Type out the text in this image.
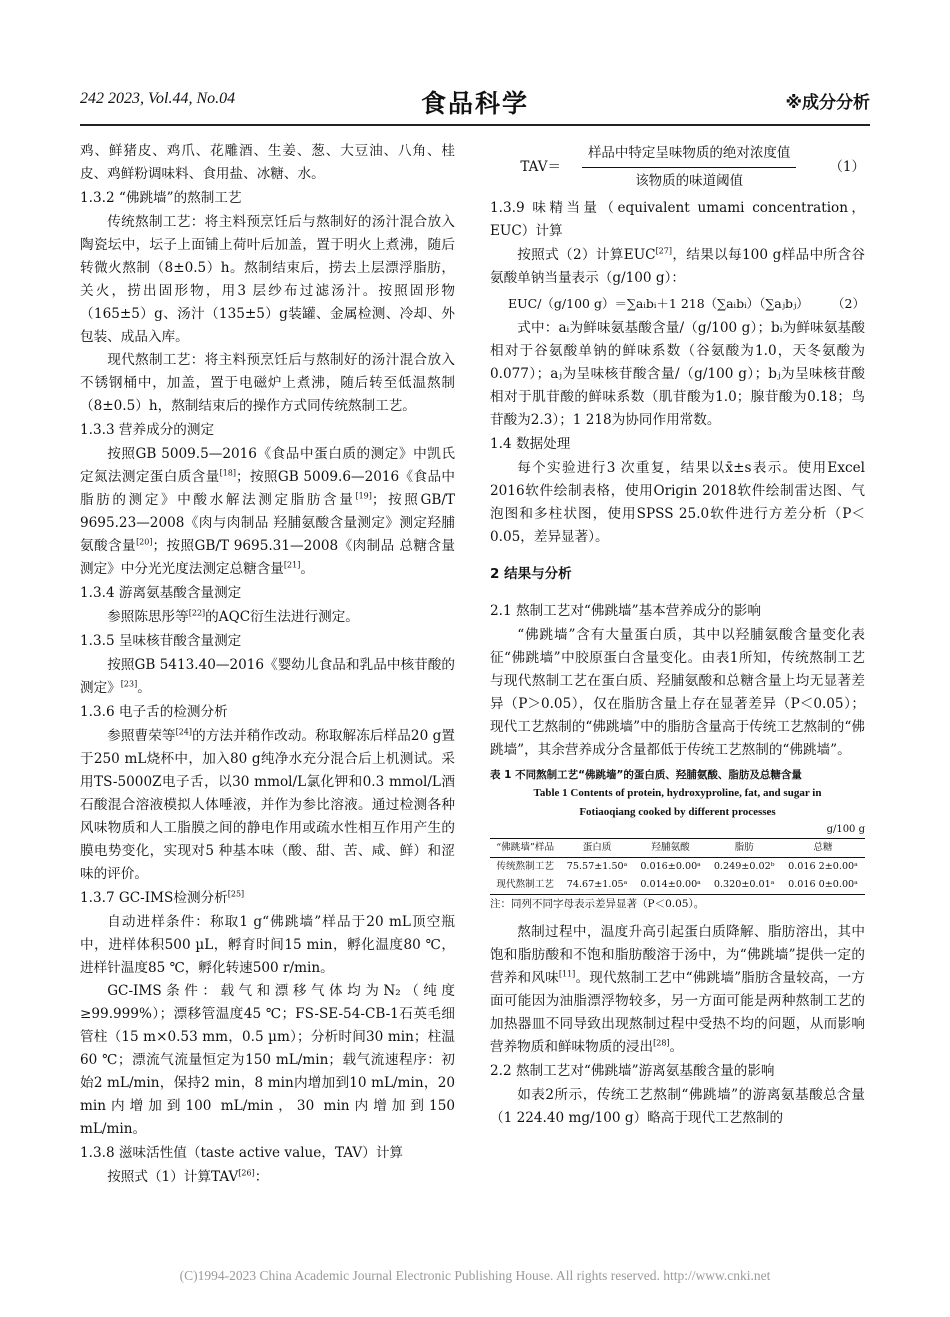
242 2023, Vol.44, No.04	食品科学	※成分分析

鸡、鲜猪皮、鸡爪、花雕酒、生姜、葱、大豆油、八角、桂皮、鸡鲜粉调味料、食用盐、冰糖、水。

1.3.2 “佛跳墙”的熬制工艺

传统熬制工艺：将主料预烹饪后与熬制好的汤汁混合放入陶瓷坛中，坛子上面铺上荷叶后加盖，置于明火上煮沸，随后转微火熬制（8±0.5）h。熬制结束后，捞去上层漂浮脂肪，关火，捞出固形物，用3 层纱布过滤汤汁。按照固形物（165±5）g、汤汁（135±5）g装罐、金属检测、冷却、外包装、成品入库。

现代熬制工艺：将主料预烹饪后与熬制好的汤汁混合放入不锈钢桶中，加盖，置于电磁炉上煮沸，随后转至低温熬制（8±0.5）h，熬制结束后的操作方式同传统熬制工艺。

1.3.3 营养成分的测定

按照GB 5009.5—2016《食品中蛋白质的测定》中凯氏定氮法测定蛋白质含量[18]；按照GB 5009.6—2016《食品中脂肪的测定》中酸水解法测定脂肪含量[19]；按照GB/T 9695.23—2008《肉与肉制品 羟脯氨酸含量测定》测定羟脯氨酸含量[20]；按照GB/T 9695.31—2008《肉制品 总糖含量测定》中分光光度法测定总糖含量[21]。

1.3.4 游离氨基酸含量测定

参照陈思彤等[22]的AQC衍生法进行测定。

1.3.5 呈味核苷酸含量测定

按照GB 5413.40—2016《婴幼儿食品和乳品中核苷酸的测定》[23]。

1.3.6 电子舌的检测分析

参照曹荣等[24]的方法并稍作改动。称取解冻后样品20 g置于250 mL烧杯中，加入80 g纯净水充分混合后上机测试。采用TS-5000Z电子舌，以30 mmol/L氯化钾和0.3 mmol/L酒石酸混合溶液模拟人体唾液，并作为参比溶液。通过检测各种风味物质和人工脂膜之间的静电作用或疏水性相互作用产生的膜电势变化，实现对5 种基本味（酸、甜、苦、咸、鲜）和涩味的评价。

1.3.7 GC-IMS检测分析[25]

自动进样条件：称取1 g“佛跳墙”样品于20 mL顶空瓶中，进样体积500 µL，孵育时间15 min，孵化温度80 ℃，进样针温度85 ℃，孵化转速500 r/min。

GC-IMS条件：载气和漂移气体均为N₂（纯度≥99.999%）；漂移管温度45 ℃；FS-SE-54-CB-1石英毛细管柱（15 m×0.53 mm，0.5 µm）；分析时间30 min；柱温60 ℃；漂流气流量恒定为150 mL/min；载气流速程序：初始2 mL/min，保持2 min，8 min内增加到10 mL/min，20 min内增加到100 mL/min，30 min内增加到150 mL/min。

1.3.8 滋味活性值（taste active value，TAV）计算

按照式（1）计算TAV[26]：

$TAV= \frac{\text{样品中特定呈味物质的绝对浓度值}}{\text{该物质的味道阈值}} (1)$

1.3.9 味精当量（equivalent umami concentration，EUC）计算

按照式（2）计算EUC[27]，结果以每100 g样品中所含谷氨酸单钠当量表示（g/100 g）：

EUC/（g/100 g）＝∑aᵢbᵢ＋1 218（∑aᵢbᵢ）（∑aⱼbⱼ） （2）

式中：aᵢ为鲜味氨基酸含量/（g/100 g）；bᵢ为鲜味氨基酸相对于谷氨酸单钠的鲜味系数（谷氨酸为1.0，天冬氨酸为0.077）；aⱼ为呈味核苷酸含量/（g/100 g）；bⱼ为呈味核苷酸相对于肌苷酸的鲜味系数（肌苷酸为1.0；腺苷酸为0.18；鸟苷酸为2.3）；1 218为协同作用常数。

1.4 数据处理

每个实验进行3 次重复，结果以x̄±s表示。使用Excel 2016软件绘制表格，使用Origin 2018软件绘制雷达图、气泡图和多柱状图，使用SPSS 25.0软件进行方差分析（P＜0.05，差异显著）。

2 结果与分析

2.1 熬制工艺对“佛跳墙”基本营养成分的影响

“佛跳墙”含有大量蛋白质，其中以羟脯氨酸含量变化表征“佛跳墙”中胶原蛋白含量变化。由表1所知，传统熬制工艺与现代熬制工艺在蛋白质、羟脯氨酸和总糖含量上均无显著差异（P＞0.05），仅在脂肪含量上存在显著差异（P＜0.05）；现代工艺熬制的“佛跳墙”中的脂肪含量高于传统工艺熬制的“佛跳墙”，其余营养成分含量都低于传统工艺熬制的“佛跳墙”。

表 1 不同熬制工艺“佛跳墙”的蛋白质、羟脯氨酸、脂肪及总糖含量
Table 1 Contents of protein, hydroxyproline, fat, and sugar in
Fotiaoqiang cooked by different processes
g/100 g
“佛跳墙”样品	蛋白质	羟脯氨酸	脂肪	总糖
传统熬制工艺	75.57±1.50ᵃ	0.016±0.00ᵃ	0.249±0.02ᵇ	0.016 2±0.00ᵃ
现代熬制工艺	74.67±1.05ᵃ	0.014±0.00ᵃ	0.320±0.01ᵃ	0.016 0±0.00ᵃ
注：同列不同字母表示差异显著（P＜0.05）。

熬制过程中，温度升高引起蛋白质降解、脂肪溶出，其中饱和脂肪酸和不饱和脂肪酸溶于汤中，为“佛跳墙”提供一定的营养和风味[11]。现代熬制工艺中“佛跳墙”脂肪含量较高，一方面可能因为油脂漂浮物较多，另一方面可能是两种熬制工艺的加热器皿不同导致出现熬制过程中受热不均的问题，从而影响营养物质和鲜味物质的浸出[28]。

2.2 熬制工艺对“佛跳墙”游离氨基酸含量的影响

如表2所示，传统工艺熬制“佛跳墙”的游离氨基酸总含量（1 224.40 mg/100 g）略高于现代工艺熬制的

(C)1994-2023 China Academic Journal Electronic Publishing House. All rights reserved. http://www.cnki.net
